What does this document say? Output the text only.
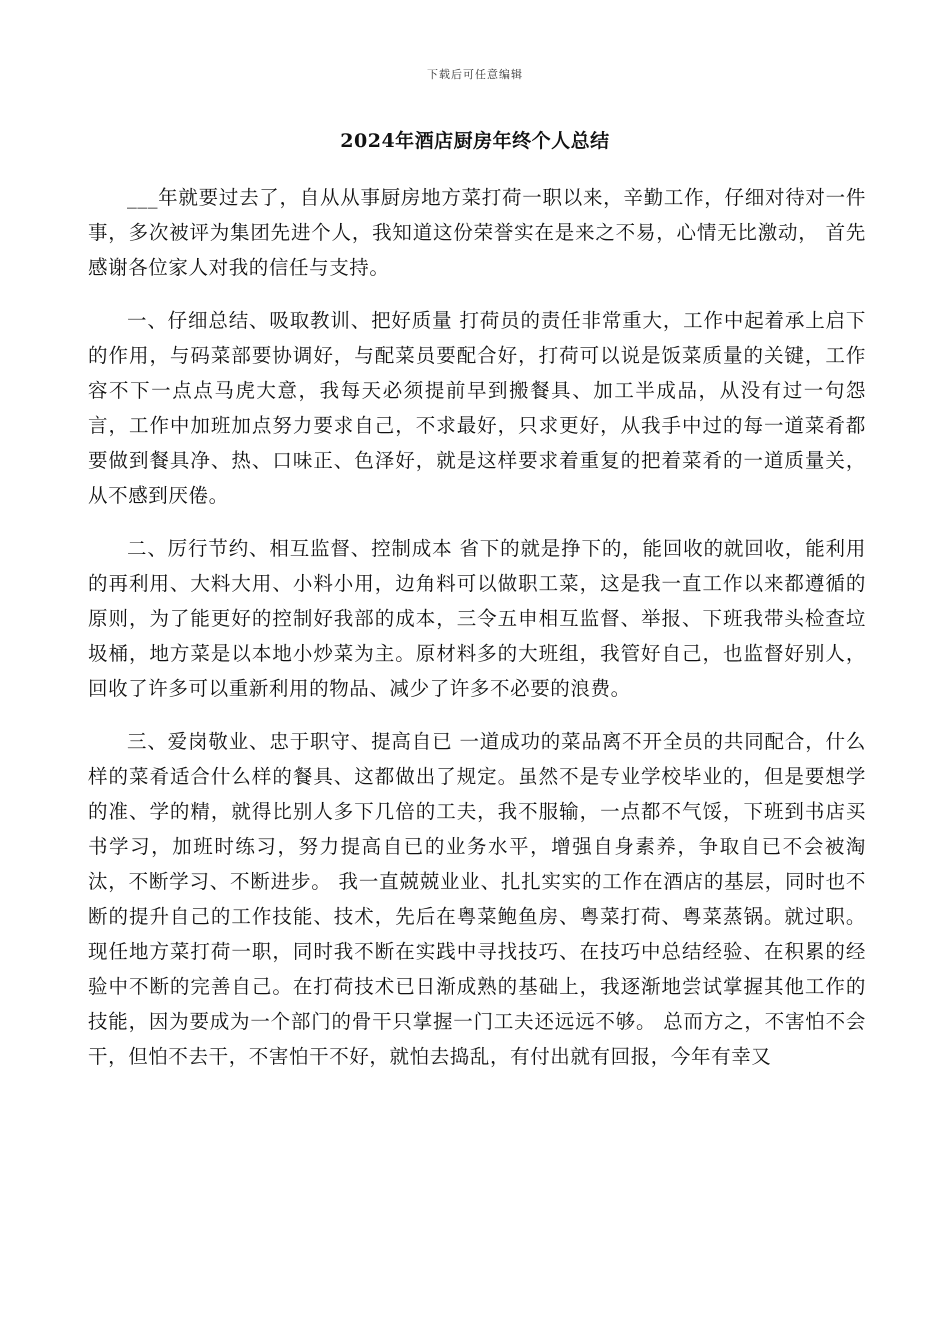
下载后可任意编辑
2024年酒店厨房年终个人总结

___年就要过去了，自从从事厨房地方菜打荷一职以来，辛勤工作，仔细对待对一件事，多次被评为集团先进个人，我知道这份荣誉实在是来之不易，心情无比激动， 首先感谢各位家人对我的信任与支持。

一、仔细总结、吸取教训、把好质量 打荷员的责任非常重大，工作中起着承上启下的作用，与码菜部要协调好，与配菜员要配合好，打荷可以说是饭菜质量的关键，工作容不下一点点马虎大意，我每天必须提前早到搬餐具、加工半成品，从没有过一句怨言，工作中加班加点努力要求自己，不求最好，只求更好，从我手中过的每一道菜肴都要做到餐具净、热、口味正、色泽好，就是这样要求着重复的把着菜肴的一道质量关，从不感到厌倦。

二、厉行节约、相互监督、控制成本 省下的就是挣下的，能回收的就回收，能利用的再利用、大料大用、小料小用，边角料可以做职工菜，这是我一直工作以来都遵循的原则，为了能更好的控制好我部的成本，三令五申相互监督、举报、下班我带头检查垃圾桶，地方菜是以本地小炒菜为主。原材料多的大班组，我管好自己，也监督好别人，回收了许多可以重新利用的物品、减少了许多不必要的浪费。

三、爱岗敬业、忠于职守、提高自已 一道成功的菜品离不开全员的共同配合，什么样的菜肴适合什么样的餐具、这都做出了规定。虽然不是专业学校毕业的，但是要想学的准、学的精，就得比别人多下几倍的工夫，我不服输，一点都不气馁，下班到书店买书学习，加班时练习，努力提高自已的业务水平，增强自身素养，争取自已不会被淘汰，不断学习、不断进步。 我一直兢兢业业、扎扎实实的工作在酒店的基层，同时也不断的提升自己的工作技能、技术，先后在粤菜鲍鱼房、粤菜打荷、粤菜蒸锅。就过职。现任地方菜打荷一职，同时我不断在实践中寻找技巧、在技巧中总结经验、在积累的经验中不断的完善自己。在打荷技术已日渐成熟的基础上，我逐渐地尝试掌握其他工作的技能，因为要成为一个部门的骨干只掌握一门工夫还远远不够。 总而方之，不害怕不会干，但怕不去干，不害怕干不好，就怕去捣乱，有付出就有回报，今年有幸又
